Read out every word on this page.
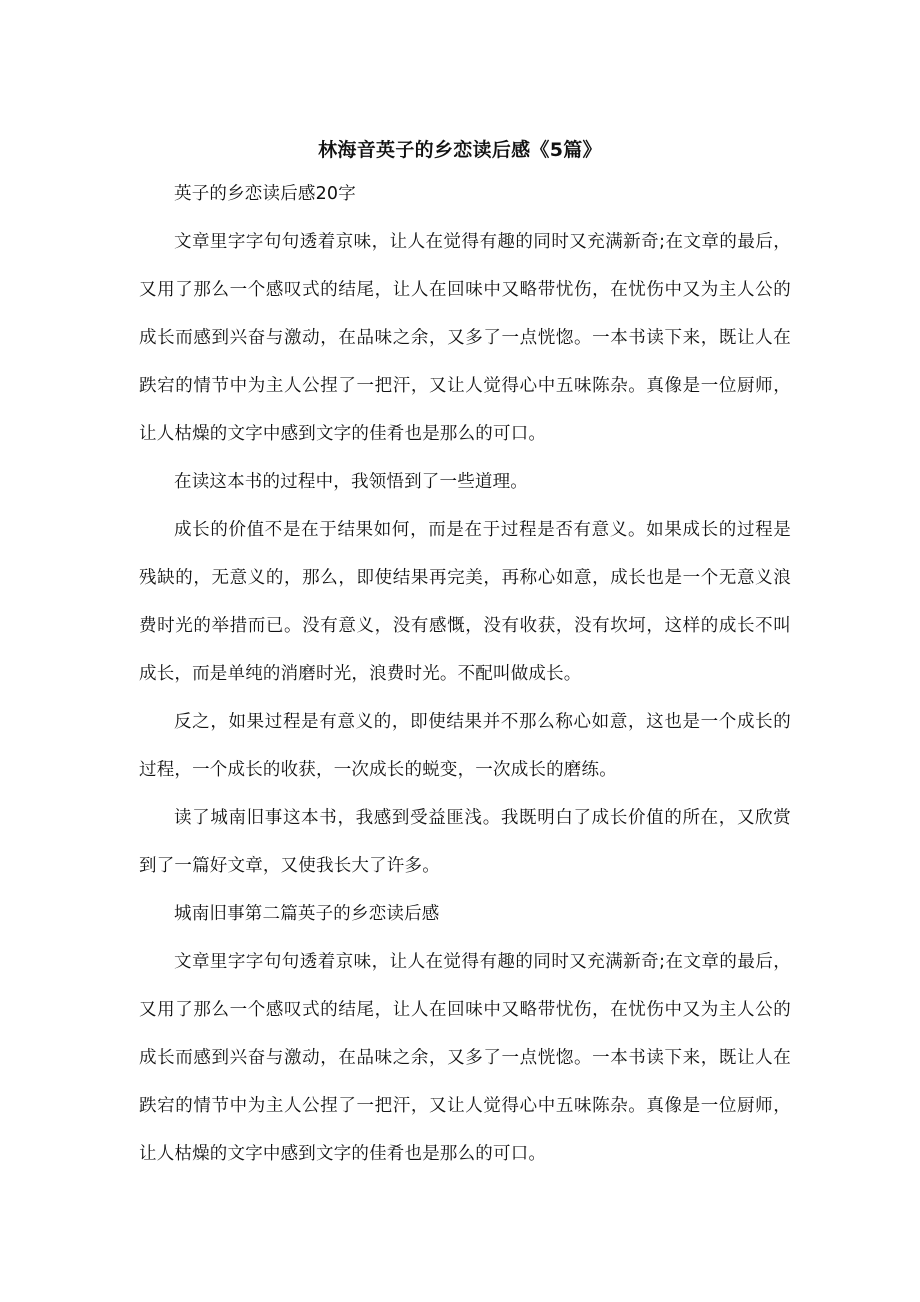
林海音英子的乡恋读后感《5篇》

英子的乡恋读后感20字

文章里字字句句透着京味，让人在觉得有趣的同时又充满新奇;在文章的最后，又用了那么一个感叹式的结尾，让人在回味中又略带忧伤，在忧伤中又为主人公的成长而感到兴奋与激动，在品味之余，又多了一点恍惚。一本书读下来，既让人在跌宕的情节中为主人公捏了一把汗，又让人觉得心中五味陈杂。真像是一位厨师，让人枯燥的文字中感到文字的佳肴也是那么的可口。

在读这本书的过程中，我领悟到了一些道理。

成长的价值不是在于结果如何，而是在于过程是否有意义。如果成长的过程是残缺的，无意义的，那么，即使结果再完美，再称心如意，成长也是一个无意义浪费时光的举措而已。没有意义，没有感慨，没有收获，没有坎坷，这样的成长不叫成长，而是单纯的消磨时光，浪费时光。不配叫做成长。

反之，如果过程是有意义的，即使结果并不那么称心如意，这也是一个成长的过程，一个成长的收获，一次成长的蜕变，一次成长的磨练。

读了城南旧事这本书，我感到受益匪浅。我既明白了成长价值的所在，又欣赏到了一篇好文章，又使我长大了许多。

城南旧事第二篇英子的乡恋读后感

文章里字字句句透着京味，让人在觉得有趣的同时又充满新奇;在文章的最后，又用了那么一个感叹式的结尾，让人在回味中又略带忧伤，在忧伤中又为主人公的成长而感到兴奋与激动，在品味之余，又多了一点恍惚。一本书读下来，既让人在跌宕的情节中为主人公捏了一把汗，又让人觉得心中五味陈杂。真像是一位厨师，让人枯燥的文字中感到文字的佳肴也是那么的可口。
